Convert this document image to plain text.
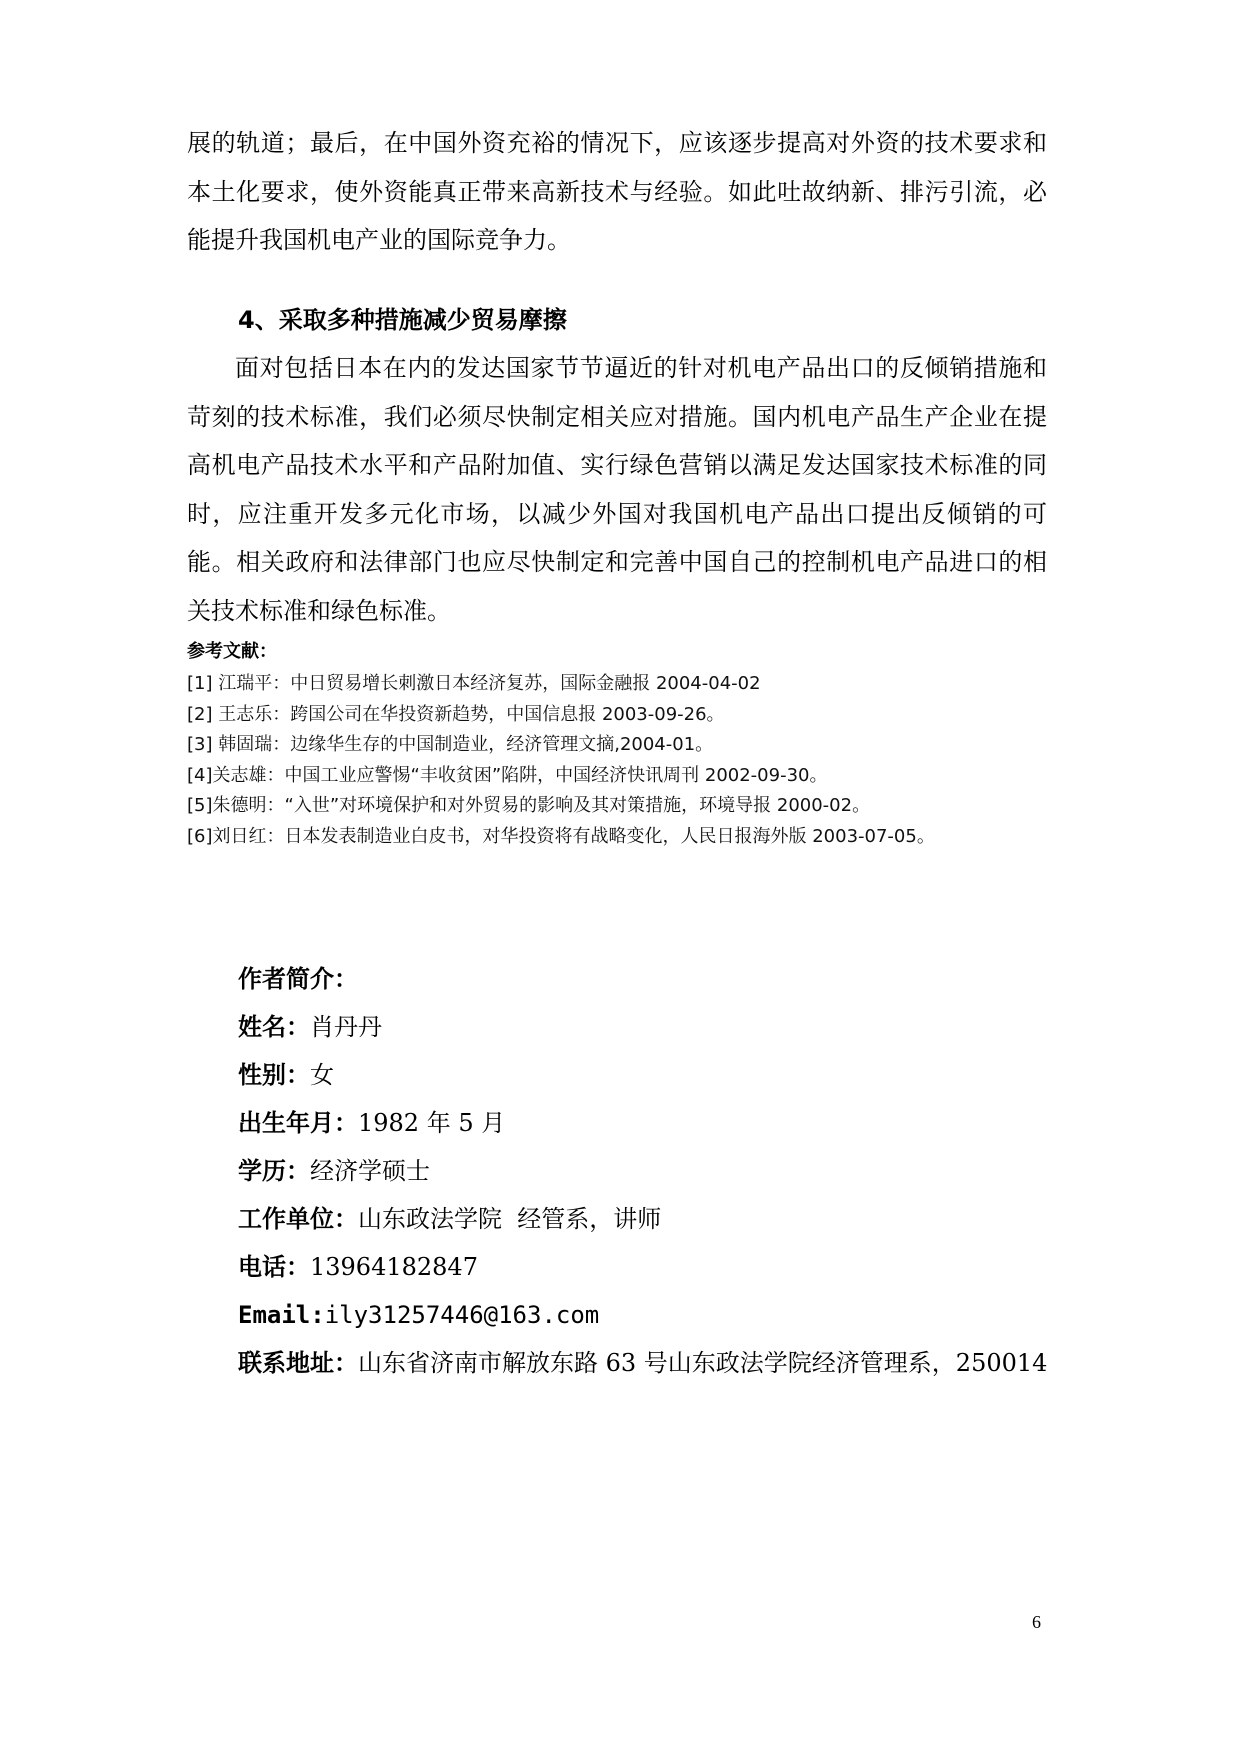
展的轨道；最后，在中国外资充裕的情况下，应该逐步提高对外资的技术要求和本土化要求，使外资能真正带来高新技术与经验。如此吐故纳新、排污引流，必能提升我国机电产业的国际竞争力。

4、采取多种措施减少贸易摩擦

面对包括日本在内的发达国家节节逼近的针对机电产品出口的反倾销措施和苛刻的技术标准，我们必须尽快制定相关应对措施。国内机电产品生产企业在提高机电产品技术水平和产品附加值、实行绿色营销以满足发达国家技术标准的同时，应注重开发多元化市场，以减少外国对我国机电产品出口提出反倾销的可能。相关政府和法律部门也应尽快制定和完善中国自己的控制机电产品进口的相关技术标准和绿色标准。

参考文献：
[1] 江瑞平：中日贸易增长刺激日本经济复苏，国际金融报 2004-04-02
[2] 王志乐：跨国公司在华投资新趋势，中国信息报 2003-09-26。
[3] 韩固瑞：边缘华生存的中国制造业，经济管理文摘,2004-01。
[4]关志雄：中国工业应警惕“丰收贫困”陷阱，中国经济快讯周刊 2002-09-30。
[5]朱德明：“入世”对环境保护和对外贸易的影响及其对策措施，环境导报 2000-02。
[6]刘日红：日本发表制造业白皮书，对华投资将有战略变化，人民日报海外版 2003-07-05。
作者简介：
姓名：肖丹丹
性别：女
出生年月：1982 年 5 月
学历：经济学硕士
工作单位：山东政法学院  经管系，讲师
电话：13964182847
Email:ily31257446@163.com
联系地址：山东省济南市解放东路 63 号山东政法学院经济管理系，250014
6
